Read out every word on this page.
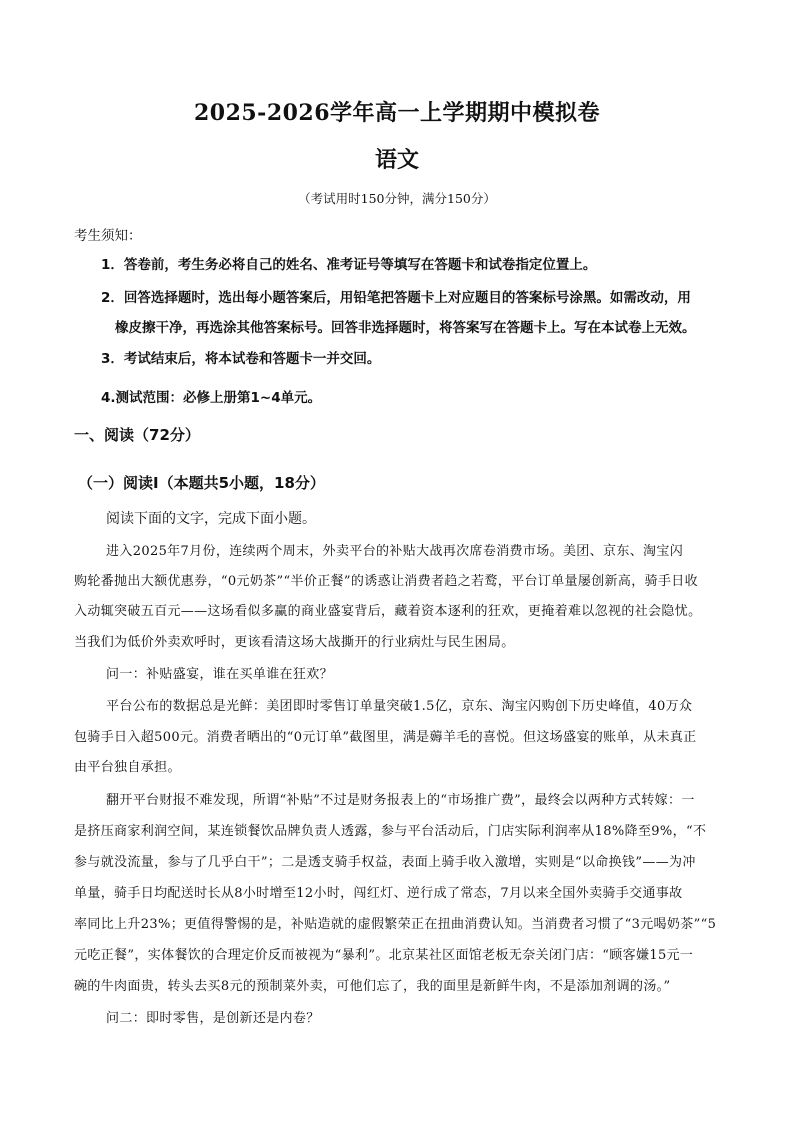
2025-2026学年高一上学期期中模拟卷
语文
（考试用时150分钟，满分150分）
考生须知：
1．答卷前，考生务必将自己的姓名、准考证号等填写在答题卡和试卷指定位置上。
2．回答选择题时，选出每小题答案后，用铅笔把答题卡上对应题目的答案标号涂黑。如需改动，用
橡皮擦干净，再选涂其他答案标号。回答非选择题时，将答案写在答题卡上。写在本试卷上无效。
3．考试结束后，将本试卷和答题卡一并交回。
4.测试范围：必修上册第1~4单元。
一、阅读（72分）
（一）阅读Ⅰ（本题共5小题，18分）
阅读下面的文字，完成下面小题。
进入2025年7月份，连续两个周末，外卖平台的补贴大战再次席卷消费市场。美团、京东、淘宝闪
购轮番抛出大额优惠券，“0元奶茶”“半价正餐”的诱惑让消费者趋之若鹜，平台订单量屡创新高，骑手日收
入动辄突破五百元——这场看似多赢的商业盛宴背后，藏着资本逐利的狂欢，更掩着难以忽视的社会隐忧。
当我们为低价外卖欢呼时，更该看清这场大战撕开的行业病灶与民生困局。
问一：补贴盛宴，谁在买单谁在狂欢？
平台公布的数据总是光鲜：美团即时零售订单量突破1.5亿，京东、淘宝闪购创下历史峰值，40万众
包骑手日入超500元。消费者晒出的“0元订单”截图里，满是薅羊毛的喜悦。但这场盛宴的账单，从未真正
由平台独自承担。
翻开平台财报不难发现，所谓“补贴”不过是财务报表上的“市场推广费”，最终会以两种方式转嫁：一
是挤压商家利润空间，某连锁餐饮品牌负责人透露，参与平台活动后，门店实际利润率从18%降至9%，“不
参与就没流量，参与了几乎白干”；二是透支骑手权益，表面上骑手收入激增，实则是“以命换钱”——为冲
单量，骑手日均配送时长从8小时增至12小时，闯红灯、逆行成了常态，7月以来全国外卖骑手交通事故
率同比上升23%；更值得警惕的是，补贴造就的虚假繁荣正在扭曲消费认知。当消费者习惯了“3元喝奶茶”“5
元吃正餐”，实体餐饮的合理定价反而被视为“暴利”。北京某社区面馆老板无奈关闭门店：“顾客嫌15元一
碗的牛肉面贵，转头去买8元的预制菜外卖，可他们忘了，我的面里是新鲜牛肉，不是添加剂调的汤。”
问二：即时零售，是创新还是内卷？
